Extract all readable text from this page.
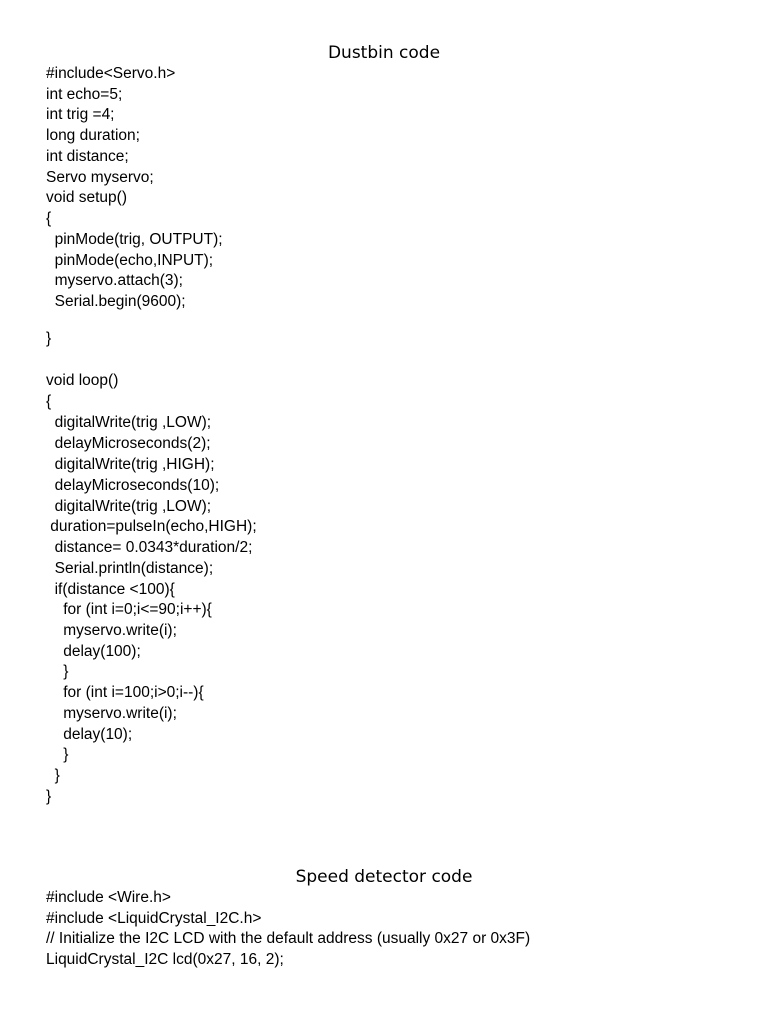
Dustbin code

#include<Servo.h>

int echo=5;

int trig =4;

long duration;

int distance;

Servo myservo;

void setup()

{

pinMode(trig, OUTPUT);

pinMode(echo,INPUT);

myservo.attach(3);

Serial.begin(9600);

}

void loop()

{

digitalWrite(trig ,LOW);

delayMicroseconds(2);

digitalWrite(trig ,HIGH);

delayMicroseconds(10);

digitalWrite(trig ,LOW);

duration=pulseIn(echo,HIGH);

distance= 0.0343*duration/2;

Serial.println(distance);

if(distance <100){

for (int i=0;i<=90;i++){

myservo.write(i);

delay(100);

}

for (int i=100;i>0;i--){

myservo.write(i);

delay(10);

}

}

}

Speed detector code

#include <Wire.h>

#include <LiquidCrystal_I2C.h>

// Initialize the I2C LCD with the default address (usually 0x27 or 0x3F)

LiquidCrystal_I2C lcd(0x27, 16, 2);
